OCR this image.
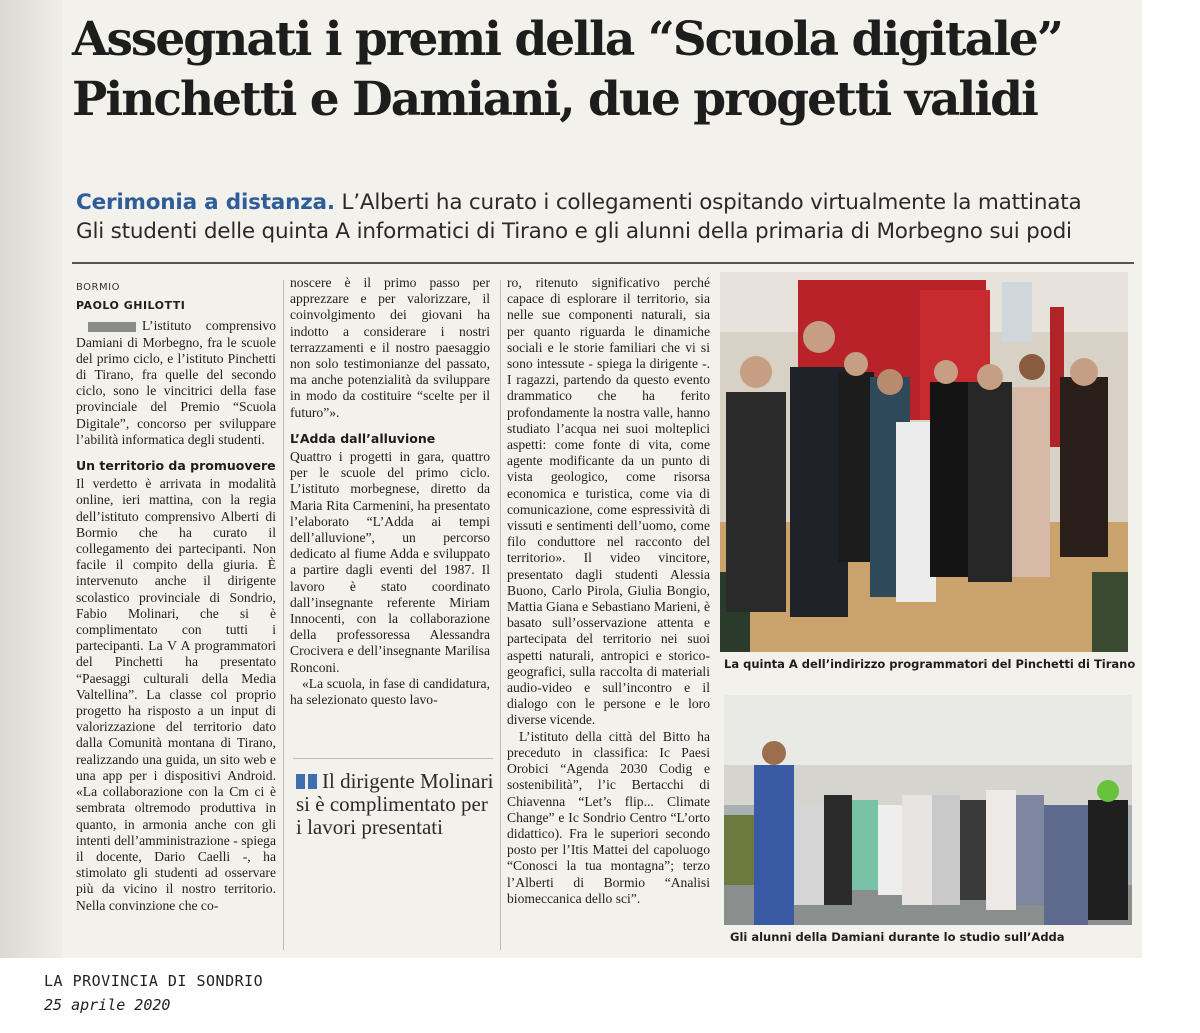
Assegnati i premi della “Scuola digitale”
Pinchetti e Damiani, due progetti validi
Cerimonia a distanza. L’Alberti ha curato i collegamenti ospitando virtualmente la mattinata
Gli studenti delle quinta A informatici di Tirano e gli alunni della primaria di Morbegno sui podi
BORMIO
PAOLO GHILOTTI

L’istituto comprensivo Damiani di Morbegno, fra le scuole del primo ciclo, e l’istituto Pinchetti di Tirano, fra quelle del secondo ciclo, sono le vincitrici della fase provinciale del Premio “Scuola Digitale”, concorso per sviluppare l’abilità informatica degli studenti.

Un territorio da promuovere

Il verdetto è arrivata in modalità online, ieri mattina, con la regia dell’istituto comprensivo Alberti di Bormio che ha curato il collegamento dei partecipanti. Non facile il compito della giuria. È intervenuto anche il dirigente scolastico provinciale di Sondrio, Fabio Molinari, che si è complimentato con tutti i partecipanti. La V A programmatori del Pinchetti ha presentato “Paesaggi culturali della Media Valtellina”. La classe col proprio progetto ha risposto a un input di valorizzazione del territorio dato dalla Comunità montana di Tirano, realizzando una guida, un sito web e una app per i dispositivi Android. «La collaborazione con la Cm ci è sembrata oltremodo produttiva in quanto, in armonia anche con gli intenti dell’amministrazione - spiega il docente, Dario Caelli -, ha stimolato gli studenti ad osservare più da vicino il nostro territorio. Nella convinzione che co-

noscere è il primo passo per apprezzare e per valorizzare, il coinvolgimento dei giovani ha indotto a considerare i nostri terrazzamenti e il nostro paesaggio non solo testimonianze del passato, ma anche potenzialità da sviluppare in modo da costituire “scelte per il futuro”».

L’Adda dall’alluvione

Quattro i progetti in gara, quattro per le scuole del primo ciclo. L’istituto morbegnese, diretto da Maria Rita Carmenini, ha presentato l’elaborato “L’Adda ai tempi dell’alluvione”, un percorso dedicato al fiume Adda e sviluppato a partire dagli eventi del 1987. Il lavoro è stato coordinato dall’insegnante referente Miriam Innocenti, con la collaborazione della professoressa Alessandra Crocivera e dell’insegnante Marilisa Ronconi.

«La scuola, in fase di candidatura, ha selezionato questo lavo-

Il dirigente Molinari si è complimentato per i lavori presentati

ro, ritenuto significativo perché capace di esplorare il territorio, sia nelle sue componenti naturali, sia per quanto riguarda le dinamiche sociali e le storie familiari che vi si sono intessute - spiega la dirigente -. I ragazzi, partendo da questo evento drammatico che ha ferito profondamente la nostra valle, hanno studiato l’acqua nei suoi molteplici aspetti: come fonte di vita, come agente modificante da un punto di vista geologico, come risorsa economica e turistica, come via di comunicazione, come espressività di vissuti e sentimenti dell’uomo, come filo conduttore nel racconto del territorio». Il video vincitore, presentato dagli studenti Alessia Buono, Carlo Pirola, Giulia Bongio, Mattia Giana e Sebastiano Marieni, è basato sull’osservazione attenta e partecipata del territorio nei suoi aspetti naturali, antropici e storico-geografici, sulla raccolta di materiali audio-video e sull’incontro e il dialogo con le persone e le loro diverse vicende.

L’istituto della città del Bitto ha preceduto in classifica: Ic Paesi Orobici “Agenda 2030 Codig e sostenibilità”, l’ic Bertacchi di Chiavenna “Let’s flip... Climate Change” e Ic Sondrio Centro “L’orto didattico). Fra le superiori secondo posto per l’Itis Mattei del capoluogo “Conosci la tua montagna”; terzo l’Alberti di Bormio “Analisi biomeccanica dello sci”.

La quinta A dell’indirizzo programmatori del Pinchetti di Tirano
Gli alunni della Damiani durante lo studio sull’Adda
LA PROVINCIA DI SONDRIO
25 aprile 2020
